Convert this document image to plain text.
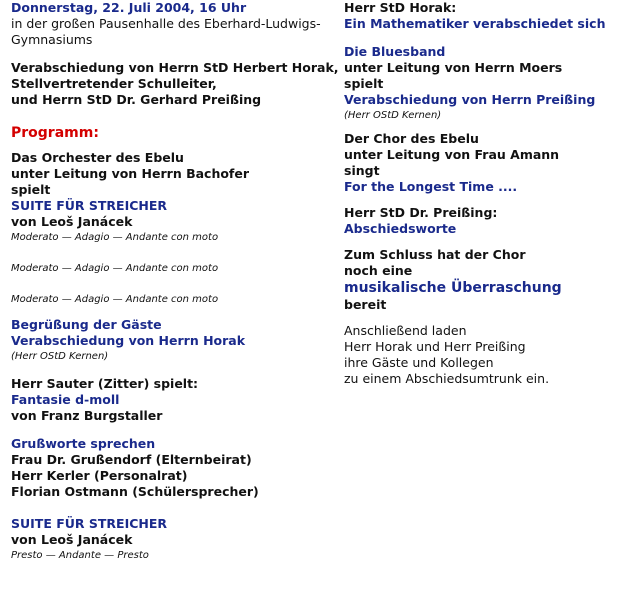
Donnerstag, 22. Juli 2004, 16 Uhr
in der großen Pausenhalle des Eberhard-Ludwigs-
Gymnasiums
Verabschiedung von Herrn StD Herbert Horak,
Stellvertretender Schulleiter,
und Herrn StD Dr. Gerhard Preißing
Programm:
Das Orchester des Ebelu
unter Leitung von Herrn Bachofer
spielt
SUITE FÜR STREICHER
von Leoš Janácek
Moderato — Adagio — Andante con moto
Moderato — Adagio — Andante con moto
Moderato — Adagio — Andante con moto
Begrüßung der Gäste
Verabschiedung von Herrn Horak
(Herr OStD Kernen)
Herr Sauter (Zitter) spielt:
Fantasie d-moll
von Franz Burgstaller
Grußworte sprechen
Frau Dr. Grußendorf (Elternbeirat)
Herr Kerler (Personalrat)
Florian Ostmann (Schülersprecher)
SUITE FÜR STREICHER
von Leoš Janácek
Presto — Andante — Presto
Herr StD Horak:
Ein Mathematiker verabschiedet sich
Die Bluesband
unter Leitung von Herrn Moers
spielt
Verabschiedung von Herrn Preißing
(Herr OStD Kernen)
Der Chor des Ebelu
unter Leitung von Frau Amann
singt
For the Longest Time ....
Herr StD Dr. Preißing:
Abschiedsworte
Zum Schluss hat der Chor
noch eine
musikalische Überraschung
bereit
Anschließend laden
Herr Horak und Herr Preißing
ihre Gäste und Kollegen
zu einem Abschiedsumtrunk ein.
